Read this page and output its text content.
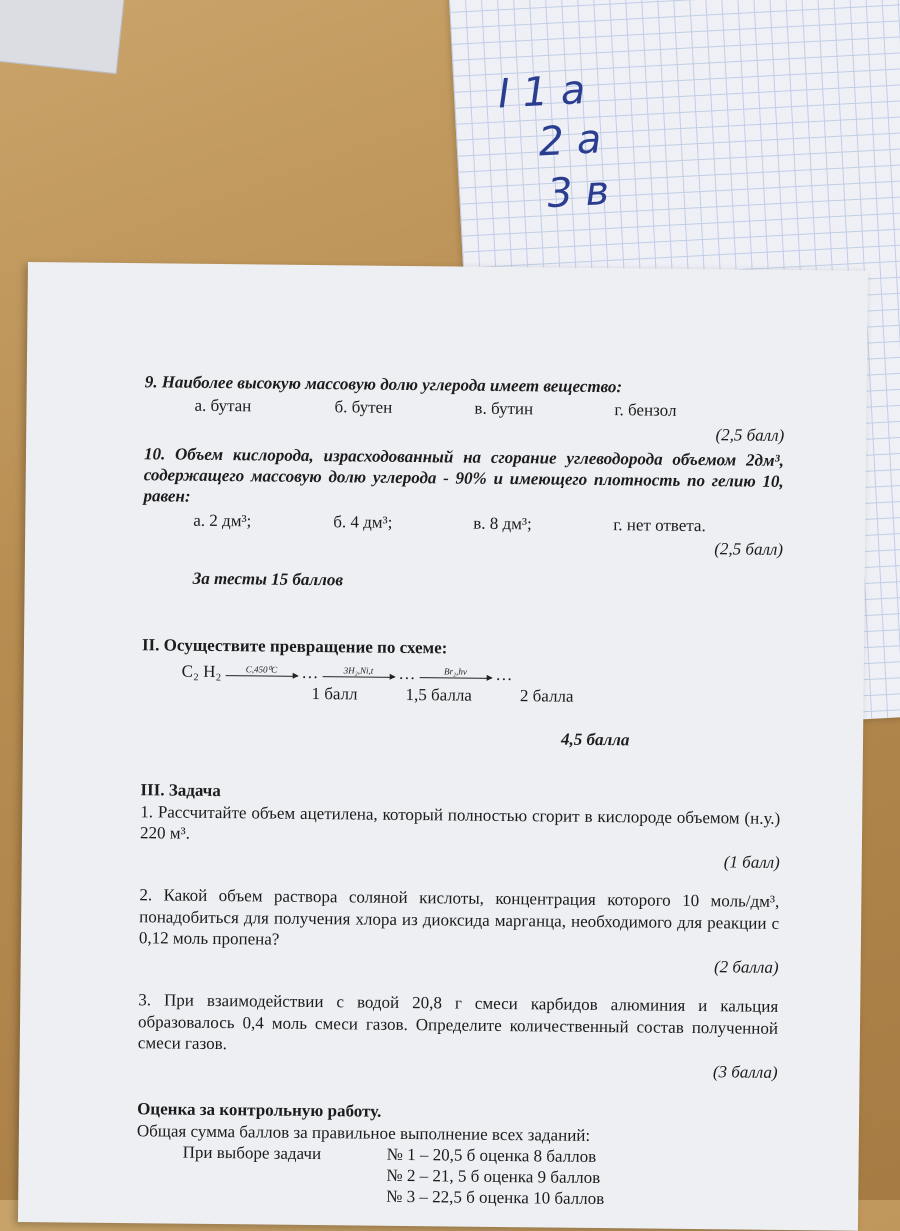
I 1 a
2 a
3 в
9. Наиболее высокую массовую долю углерода имеет вещество:
а. бутан	б. бутен	в. бутин	г. бензол
(2,5 балл)
10. Объем кислорода, израсходованный на сгорание углеводорода объемом 2дм³, содержащего массовую долю углерода - 90% и имеющего плотность по гелию 10, равен:
а. 2 дм³;	б. 4 дм³;	в. 8 дм³;	г. нет ответа.
(2,5 балл)
За тесты 15 баллов
II. Осуществите превращение по схеме:
C₂ H₂	C,450⁰C …	3H₂,Ni,t …	Br₂,hν …
1 балл	1,5 балла	2 балла
4,5 балла
III. Задача
1. Рассчитайте объем ацетилена, который полностью сгорит в кислороде объемом (н.у.) 220 м³.
(1 балл)
2. Какой объем раствора соляной кислоты, концентрация которого 10 моль/дм³, понадобиться для получения хлора из диоксида марганца, необходимого для реакции с 0,12 моль пропена?
(2 балла)
3. При взаимодействии с водой 20,8 г смеси карбидов алюминия и кальция образовалось 0,4 моль смеси газов. Определите количественный состав полученной смеси газов.
(3 балла)
Оценка за контрольную работу.
Общая сумма баллов за правильное выполнение всех заданий:
При выборе задачи	№ 1 – 20,5 б оценка 8 баллов
№ 2 – 21, 5 б оценка 9 баллов
№ 3 – 22,5 б оценка 10 баллов
